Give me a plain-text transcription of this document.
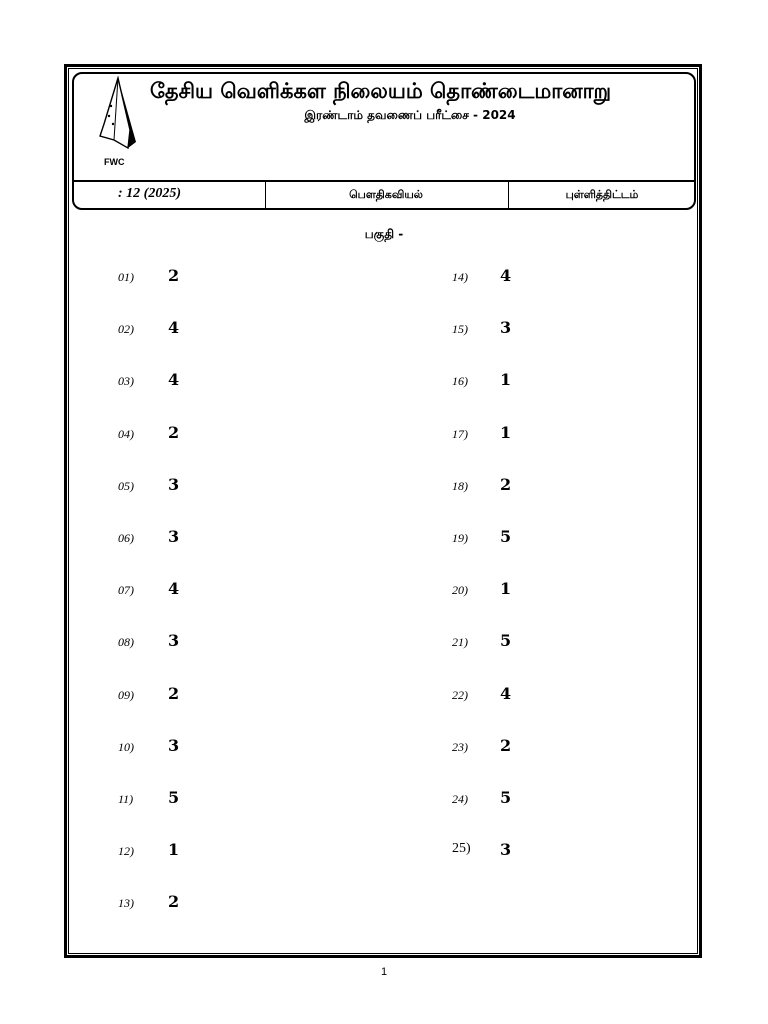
FWC
தேசிய வெளிக்கள நிலையம் தொண்டைமானாறு
இரண்டாம் தவணைப் பரீட்சை - 2024
: 12 (2025)	பௌதிகவியல்	புள்ளித்திட்டம்
பகுதி -
01) 2
02) 4
03) 4
04) 2
05) 3
06) 3
07) 4
08) 3
09) 2
10) 3
11) 5
12) 1
13) 2
14) 4
15) 3
16) 1
17) 1
18) 2
19) 5
20) 1
21) 5
22) 4
23) 2
24) 5
25) 3
1
